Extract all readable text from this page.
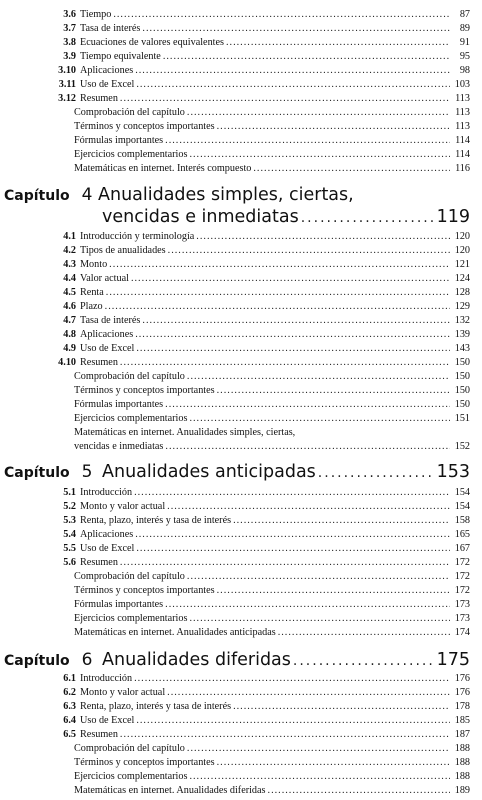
3.6 Tiempo .....	87
3.7 Tasa de interés .....	89
3.8 Ecuaciones de valores equivalentes .....	91
3.9 Tiempo equivalente .....	95
3.10 Aplicaciones .....	98
3.11 Uso de Excel .....	103
3.12 Resumen .....	113
Comprobación del capítulo .....	113
Términos y conceptos importantes .....	113
Fórmulas importantes .....	114
Ejercicios complementarios .....	114
Matemáticas en internet. Interés compuesto .....	116
Capítulo 4 Anualidades simples, ciertas,
vencidas e inmediatas .....	119
4.1 Introducción y terminología .....	120
4.2 Tipos de anualidades .....	120
4.3 Monto .....	121
4.4 Valor actual .....	124
4.5 Renta .....	128
4.6 Plazo .....	129
4.7 Tasa de interés .....	132
4.8 Aplicaciones .....	139
4.9 Uso de Excel .....	143
4.10 Resumen .....	150
Comprobación del capítulo .....	150
Términos y conceptos importantes .....	150
Fórmulas importantes .....	150
Ejercicios complementarios .....	151
Matemáticas en internet. Anualidades simples, ciertas,
vencidas e inmediatas .....	152
Capítulo 5 Anualidades anticipadas .....	153
5.1 Introducción .....	154
5.2 Monto y valor actual .....	154
5.3 Renta, plazo, interés y tasa de interés .....	158
5.4 Aplicaciones .....	165
5.5 Uso de Excel .....	167
5.6 Resumen .....	172
Comprobación del capítulo .....	172
Términos y conceptos importantes .....	172
Fórmulas importantes .....	173
Ejercicios complementarios .....	173
Matemáticas en internet. Anualidades anticipadas .....	174
Capítulo 6 Anualidades diferidas .....	175
6.1 Introducción .....	176
6.2 Monto y valor actual .....	176
6.3 Renta, plazo, interés y tasa de interés .....	178
6.4 Uso de Excel .....	185
6.5 Resumen .....	187
Comprobación del capítulo .....	188
Términos y conceptos importantes .....	188
Ejercicios complementarios .....	188
Matemáticas en internet. Anualidades diferidas .....	189
